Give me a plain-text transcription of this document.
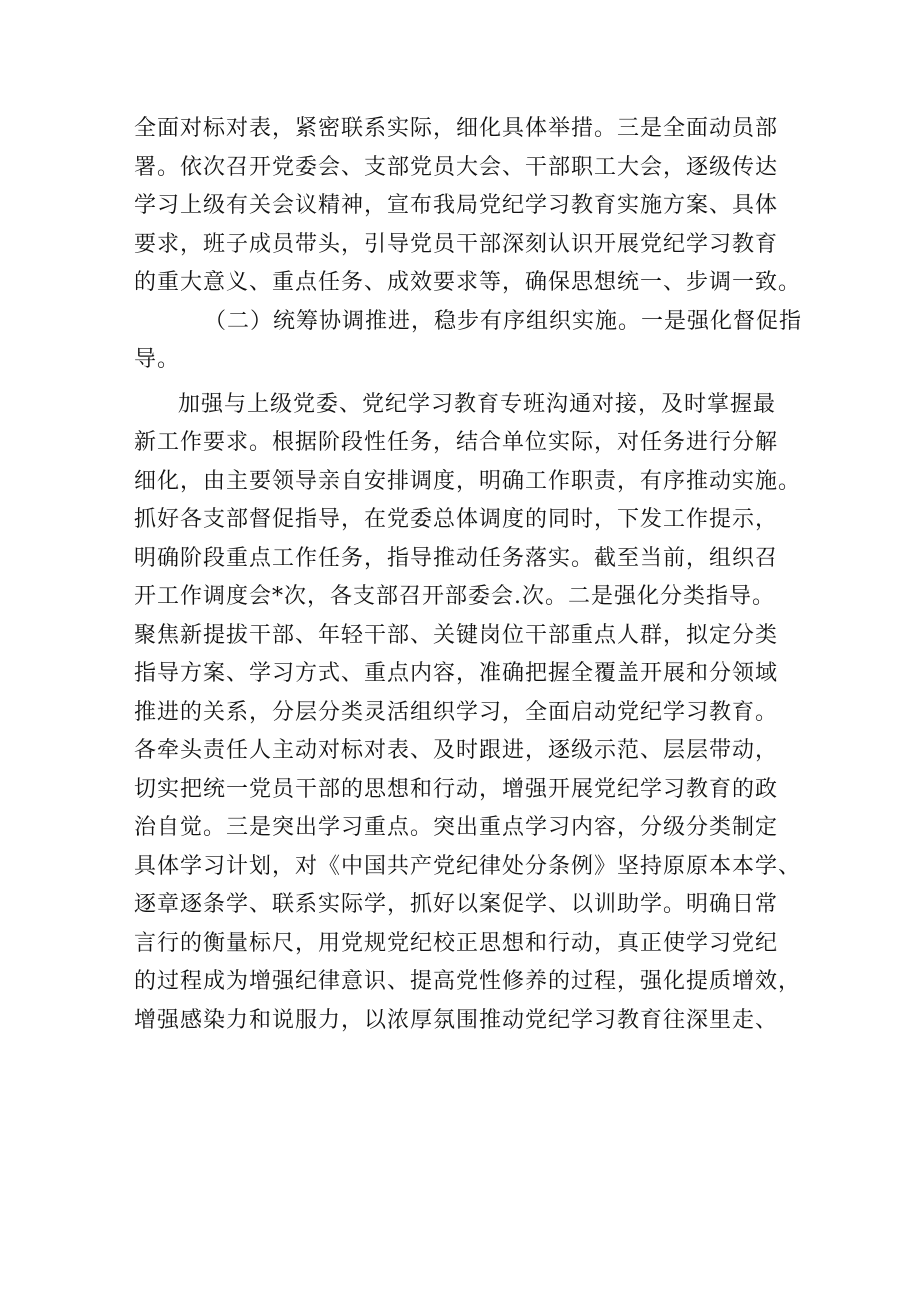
全面对标对表，紧密联系实际，细化具体举措。三是全面动员部
署。依次召开党委会、支部党员大会、干部职工大会，逐级传达
学习上级有关会议精神，宣布我局党纪学习教育实施方案、具体
要求，班子成员带头，引导党员干部深刻认识开展党纪学习教育
的重大意义、重点任务、成效要求等，确保思想统一、步调一致。
（二）统筹协调推进，稳步有序组织实施。一是强化督促指
导。
加强与上级党委、党纪学习教育专班沟通对接，及时掌握最
新工作要求。根据阶段性任务，结合单位实际，对任务进行分解
细化，由主要领导亲自安排调度，明确工作职责，有序推动实施。
抓好各支部督促指导，在党委总体调度的同时，下发工作提示，
明确阶段重点工作任务，指导推动任务落实。截至当前，组织召
开工作调度会*次，各支部召开部委会.次。二是强化分类指导。
聚焦新提拔干部、年轻干部、关键岗位干部重点人群，拟定分类
指导方案、学习方式、重点内容，准确把握全覆盖开展和分领域
推进的关系，分层分类灵活组织学习，全面启动党纪学习教育。
各牵头责任人主动对标对表、及时跟进，逐级示范、层层带动，
切实把统一党员干部的思想和行动，增强开展党纪学习教育的政
治自觉。三是突出学习重点。突出重点学习内容，分级分类制定
具体学习计划，对《中国共产党纪律处分条例》坚持原原本本学、
逐章逐条学、联系实际学，抓好以案促学、以训助学。明确日常
言行的衡量标尺，用党规党纪校正思想和行动，真正使学习党纪
的过程成为增强纪律意识、提高党性修养的过程，强化提质增效，
增强感染力和说服力，以浓厚氛围推动党纪学习教育往深里走、
